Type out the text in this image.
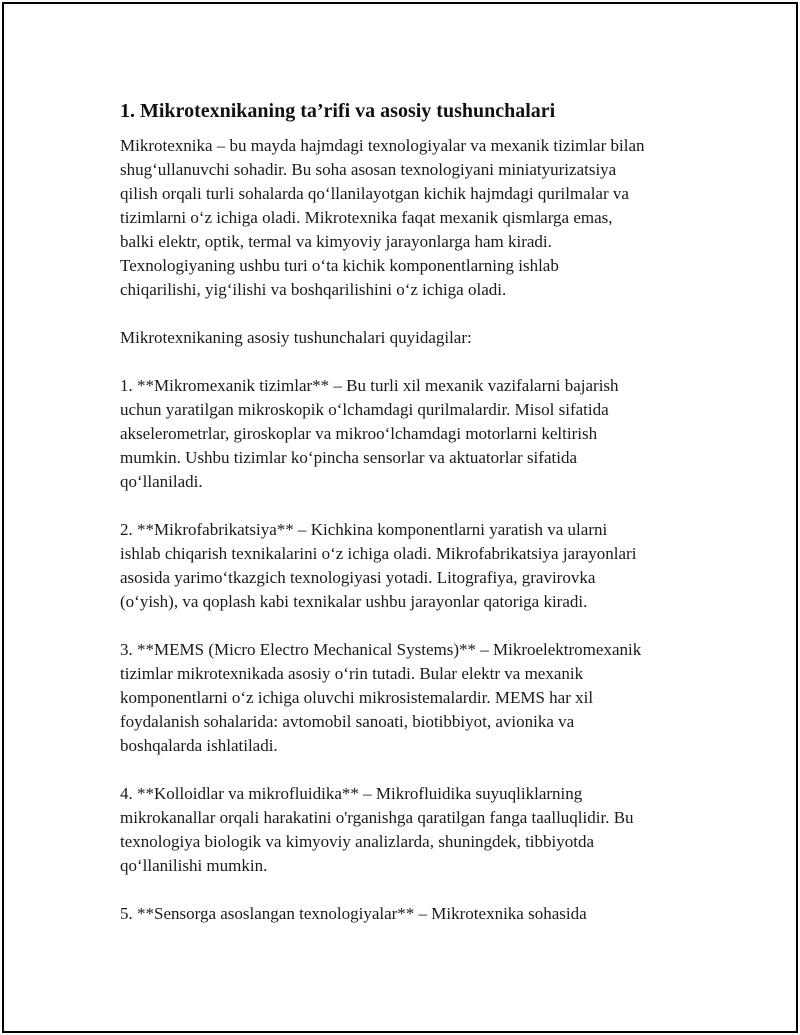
1. Mikrotexnikaning ta’rifi va asosiy tushunchalari
Mikrotexnika – bu mayda hajmdagi texnologiyalar va mexanik tizimlar bilan
shug‘ullanuvchi sohadir. Bu soha asosan texnologiyani miniatyurizatsiya
qilish orqali turli sohalarda qo‘llanilayotgan kichik hajmdagi qurilmalar va
tizimlarni o‘z ichiga oladi. Mikrotexnika faqat mexanik qismlarga emas,
balki elektr, optik, termal va kimyoviy jarayonlarga ham kiradi.
Texnologiyaning ushbu turi o‘ta kichik komponentlarning ishlab
chiqarilishi, yig‘ilishi va boshqarilishini o‘z ichiga oladi.
Mikrotexnikaning asosiy tushunchalari quyidagilar:
1. **Mikromexanik tizimlar** – Bu turli xil mexanik vazifalarni bajarish
uchun yaratilgan mikroskopik o‘lchamdagi qurilmalardir. Misol sifatida
akselerometrlar, giroskoplar va mikroo‘lchamdagi motorlarni keltirish
mumkin. Ushbu tizimlar ko‘pincha sensorlar va aktuatorlar sifatida
qo‘llaniladi.
2. **Mikrofabrikatsiya** – Kichkina komponentlarni yaratish va ularni
ishlab chiqarish texnikalarini o‘z ichiga oladi. Mikrofabrikatsiya jarayonlari
asosida yarimo‘tkazgich texnologiyasi yotadi. Litografiya, gravirovka
(o‘yish), va qoplash kabi texnikalar ushbu jarayonlar qatoriga kiradi.
3. **MEMS (Micro Electro Mechanical Systems)** – Mikroelektromexanik
tizimlar mikrotexnikada asosiy o‘rin tutadi. Bular elektr va mexanik
komponentlarni o‘z ichiga oluvchi mikrosistemalardir. MEMS har xil
foydalanish sohalarida: avtomobil sanoati, biotibbiyot, avionika va
boshqalarda ishlatiladi.
4. **Kolloidlar va mikrofluidika** – Mikrofluidika suyuqliklarning
mikrokanallar orqali harakatini o'rganishga qaratilgan fanga taalluqlidir. Bu
texnologiya biologik va kimyoviy analizlarda, shuningdek, tibbiyotda
qo‘llanilishi mumkin.
5. **Sensorga asoslangan texnologiyalar** – Mikrotexnika sohasida
